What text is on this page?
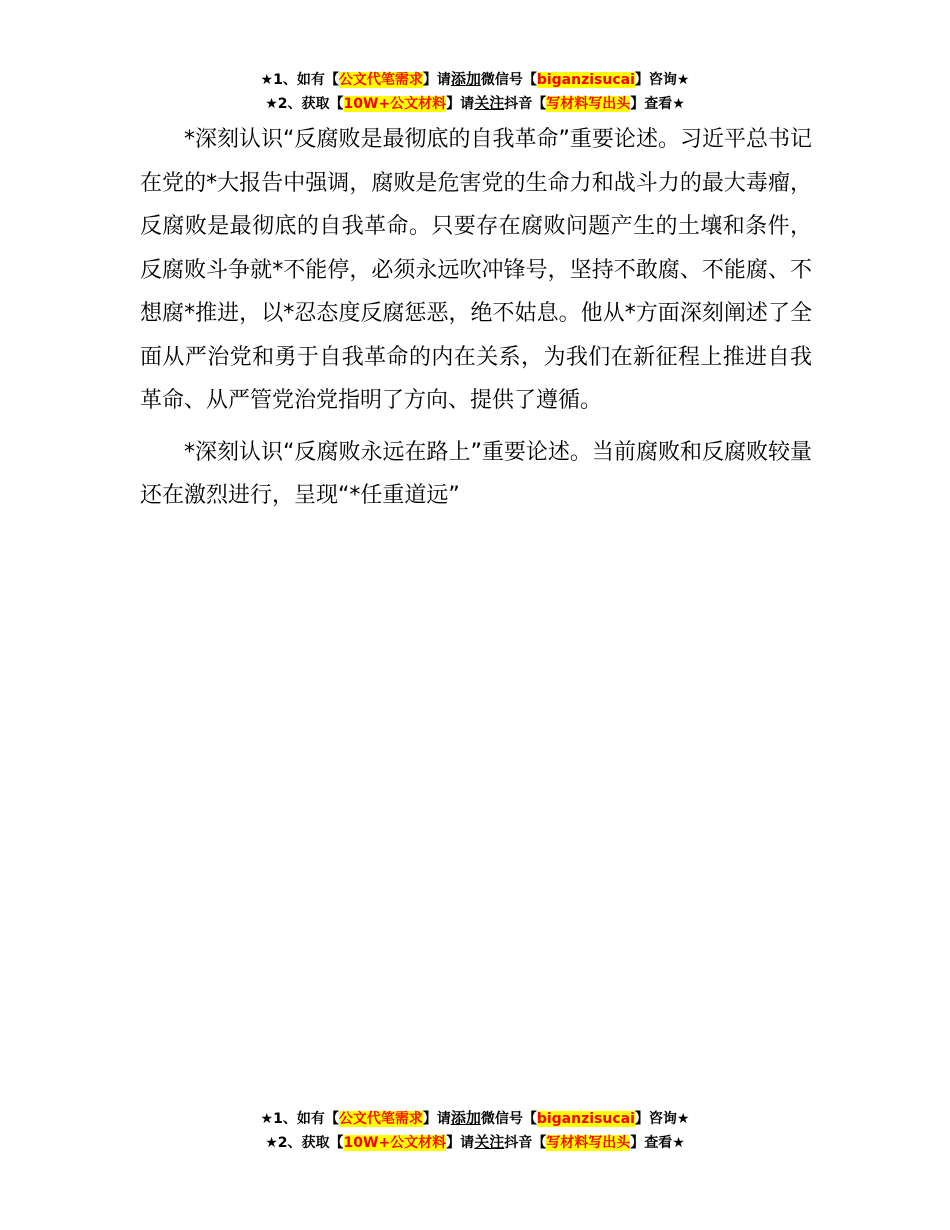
★1、如有【公文代笔需求】请添加微信号【biganzisucai】咨询★
★2、获取【10W+公文材料】请关注抖音【写材料写出头】查看★

*深刻认识“反腐败是最彻底的自我革命”重要论述。习近平总书记在党的*大报告中强调，腐败是危害党的生命力和战斗力的最大毒瘤，反腐败是最彻底的自我革命。只要存在腐败问题产生的土壤和条件，反腐败斗争就*不能停，必须永远吹冲锋号，坚持不敢腐、不能腐、不想腐*推进，以*忍态度反腐惩恶，绝不姑息。他从*方面深刻阐述了全面从严治党和勇于自我革命的内在关系，为我们在新征程上推进自我革命、从严管党治党指明了方向、提供了遵循。

*深刻认识“反腐败永远在路上”重要论述。当前腐败和反腐败较量还在激烈进行，呈现“*任重道远”

★1、如有【公文代笔需求】请添加微信号【biganzisucai】咨询★
★2、获取【10W+公文材料】请关注抖音【写材料写出头】查看★
